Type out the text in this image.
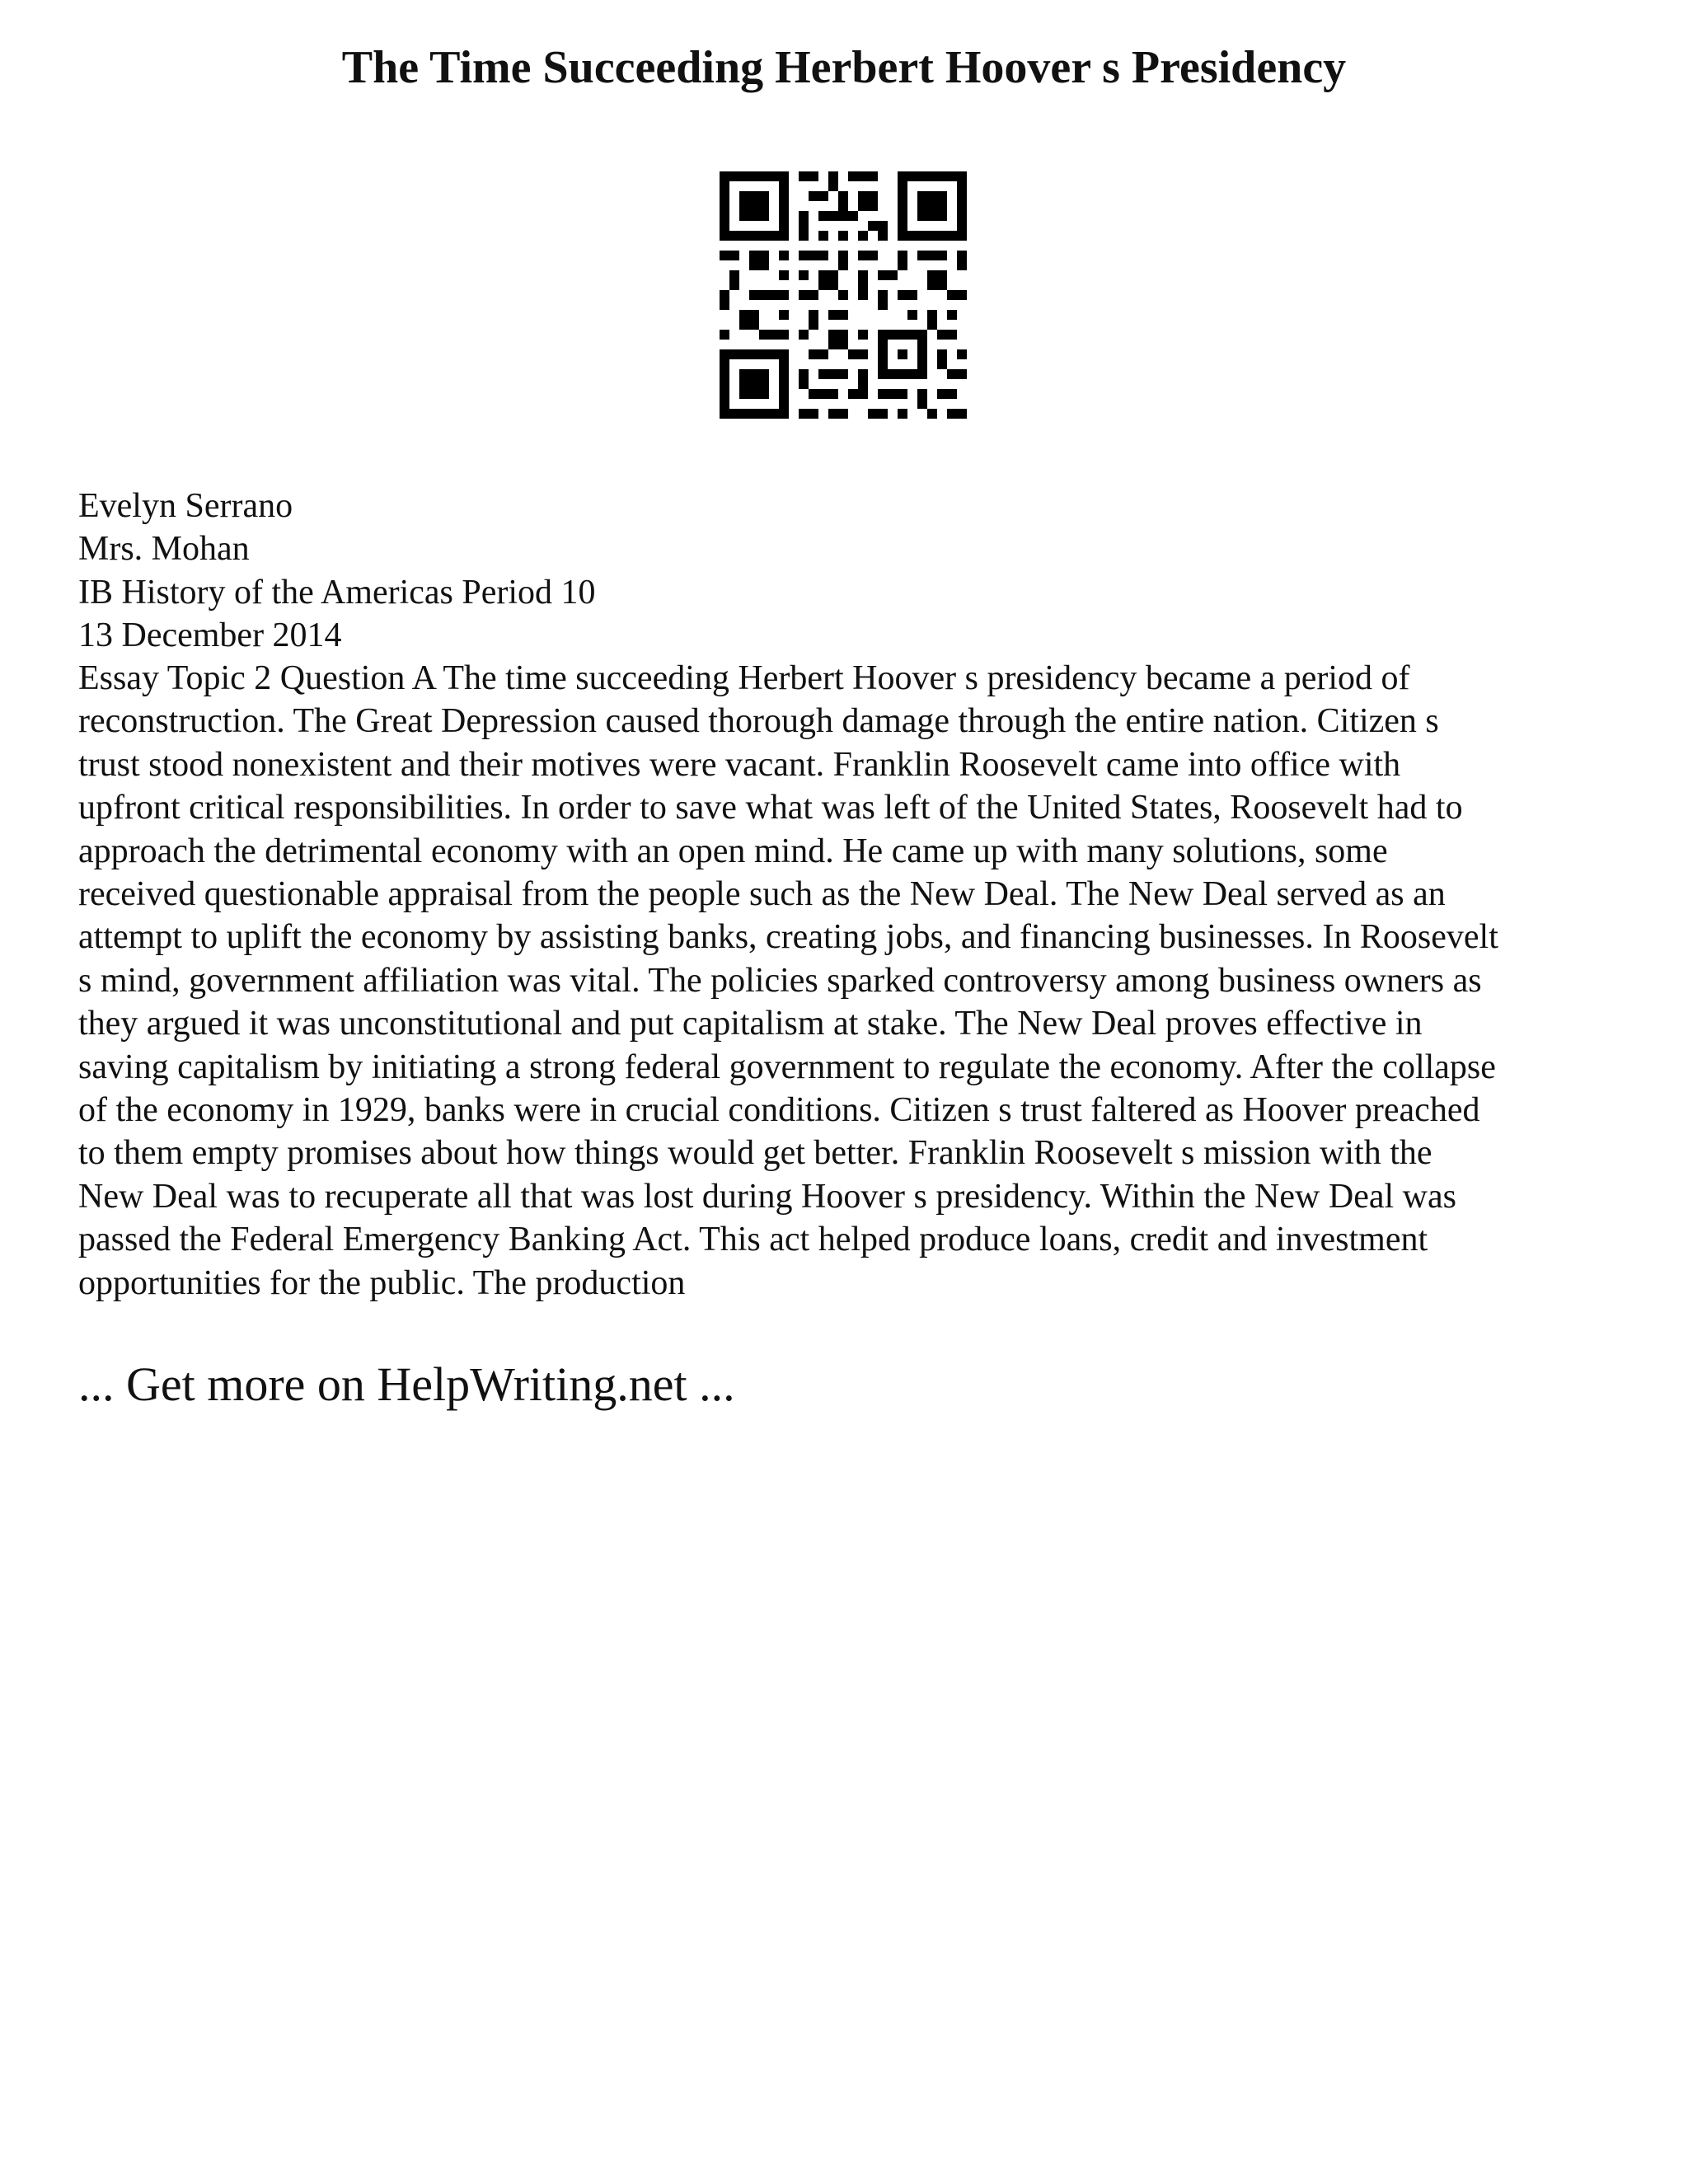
The Time Succeeding Herbert Hoover s Presidency
Evelyn Serrano
Mrs. Mohan
IB History of the Americas Period 10
13 December 2014
Essay Topic 2 Question A The time succeeding Herbert Hoover s presidency became a period of
reconstruction. The Great Depression caused thorough damage through the entire nation. Citizen s
trust stood nonexistent and their motives were vacant. Franklin Roosevelt came into office with
upfront critical responsibilities. In order to save what was left of the United States, Roosevelt had to
approach the detrimental economy with an open mind. He came up with many solutions, some
received questionable appraisal from the people such as the New Deal. The New Deal served as an
attempt to uplift the economy by assisting banks, creating jobs, and financing businesses. In Roosevelt
s mind, government affiliation was vital. The policies sparked controversy among business owners as
they argued it was unconstitutional and put capitalism at stake. The New Deal proves effective in
saving capitalism by initiating a strong federal government to regulate the economy. After the collapse
of the economy in 1929, banks were in crucial conditions. Citizen s trust faltered as Hoover preached
to them empty promises about how things would get better. Franklin Roosevelt s mission with the
New Deal was to recuperate all that was lost during Hoover s presidency. Within the New Deal was
passed the Federal Emergency Banking Act. This act helped produce loans, credit and investment
opportunities for the public. The production
... Get more on HelpWriting.net ...
